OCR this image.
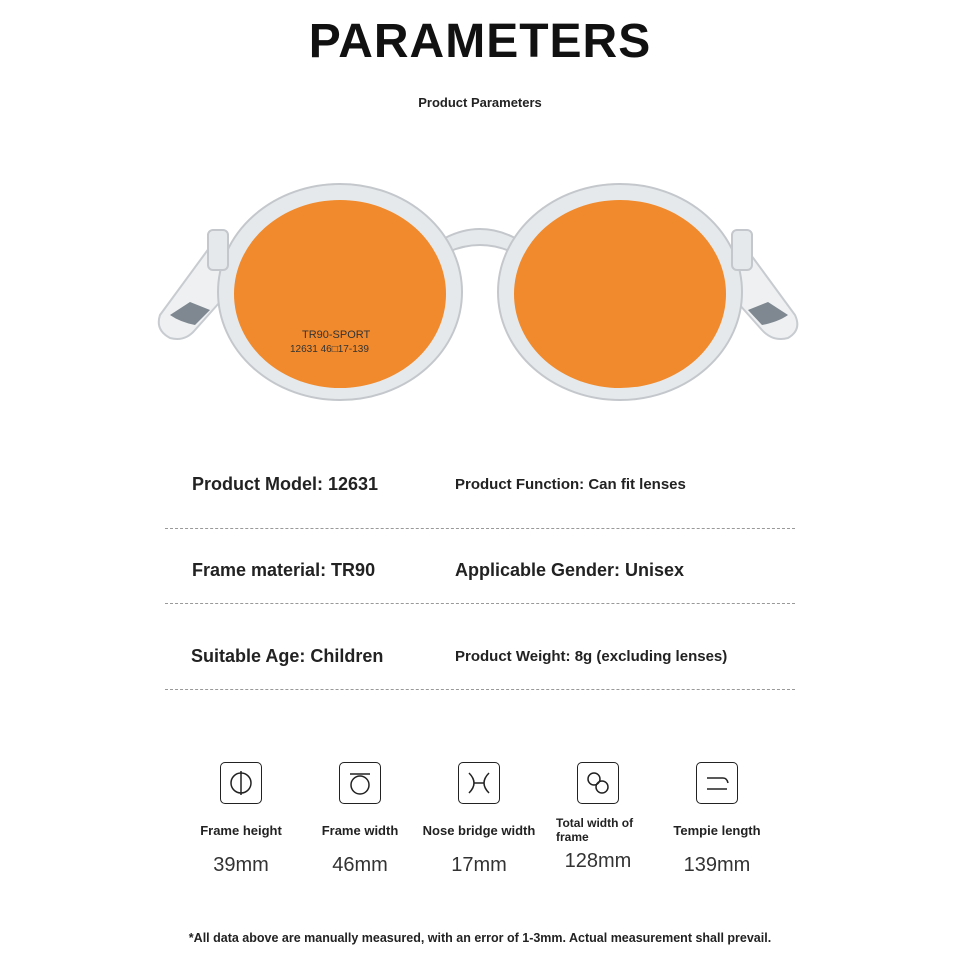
PARAMETERS
Product Parameters
TR90-SPORT
12631 46□17-139
Product Model: 12631	Product Function: Can fit lenses
Frame material: TR90	Applicable Gender: Unisex
Suitable Age: Children	Product Weight: 8g (excluding lenses)
Frame height
39mm
Frame width
46mm
Nose bridge width
17mm
Total width of frame
128mm
Tempie length
139mm
*All data above are manually measured, with an error of 1-3mm. Actual measurement shall prevail.
